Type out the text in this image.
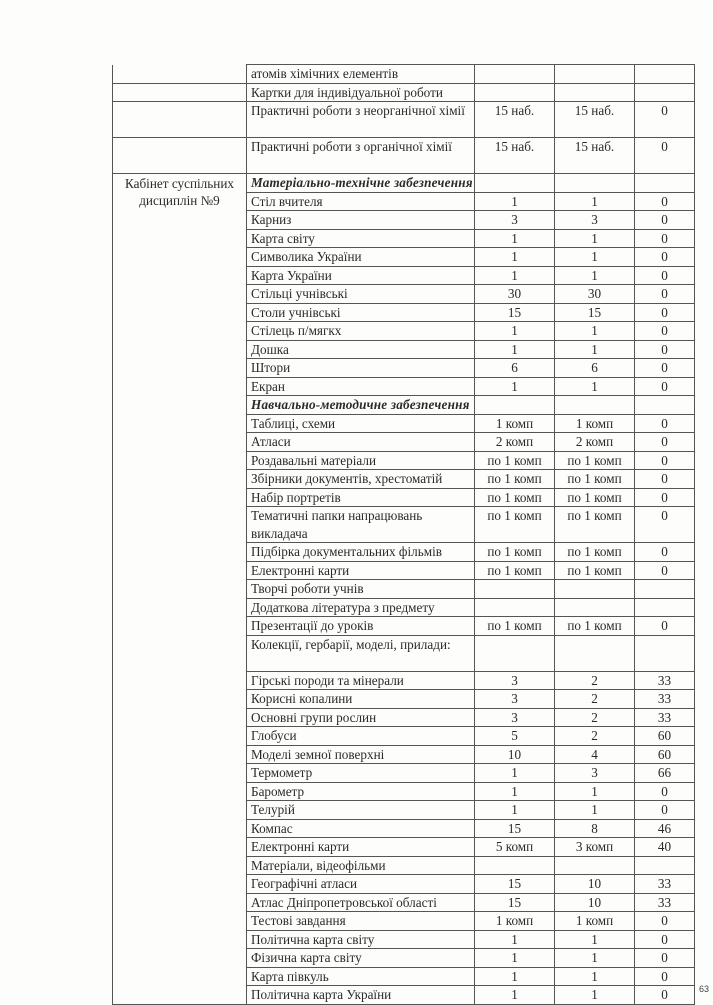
	атомів хімічних елементів			
	Картки для індивідуальної роботи			
	Практичні роботи з неорганічної хімії	15 наб.	15 наб.	0
	Практичні роботи з органічної хімії	15 наб.	15 наб.	0
Кабінет суспільних дисциплін №9	Матеріально-технічне забезпечення			
	Стіл вчителя	1	1	0
	Карниз	3	3	0
	Карта світу	1	1	0
	Символика України	1	1	0
	Карта України	1	1	0
	Стільці учнівські	30	30	0
	Столи учнівські	15	15	0
	Стілець п/мягкх	1	1	0
	Дошка	1	1	0
	Штори	6	6	0
	Екран	1	1	0
	Навчально-методичне забезпечення			
	Таблиці, схеми	1 комп	1 комп	0
	Атласи	2 комп	2 комп	0
	Роздавальні матеріали	по 1 комп	по 1 комп	0
	Збірники документів, хрестоматій	по 1 комп	по 1 комп	0
	Набір портретів	по 1 комп	по 1 комп	0
	Тематичні папки напрацювань викладача	по 1 комп	по 1 комп	0
	Підбірка документальних фільмів	по 1 комп	по 1 комп	0
	Електронні карти	по 1 комп	по 1 комп	0
	Творчі роботи учнів			
	Додаткова література з предмету			
	Презентації до уроків	по 1 комп	по 1 комп	0
	Колекції, гербарії, моделі, прилади:			
	Гірські породи та мінерали	3	2	33
	Корисні копалини	3	2	33
	Основні групи рослин	3	2	33
	Глобуси	5	2	60
	Моделі земної поверхні	10	4	60
	Термометр	1	3	66
	Барометр	1	1	0
	Телурій	1	1	0
	Компас	15	8	46
	Електронні карти	5 комп	3 комп	40
	Матеріали, відеофільми			
	Географічні атласи	15	10	33
	Атлас Дніпропетровської області	15	10	33
	Тестові завдання	1 комп	1 комп	0
	Політична карта світу	1	1	0
	Фізична карта світу	1	1	0
	Карта півкуль	1	1	0
	Політична карта України	1	1	0	63
